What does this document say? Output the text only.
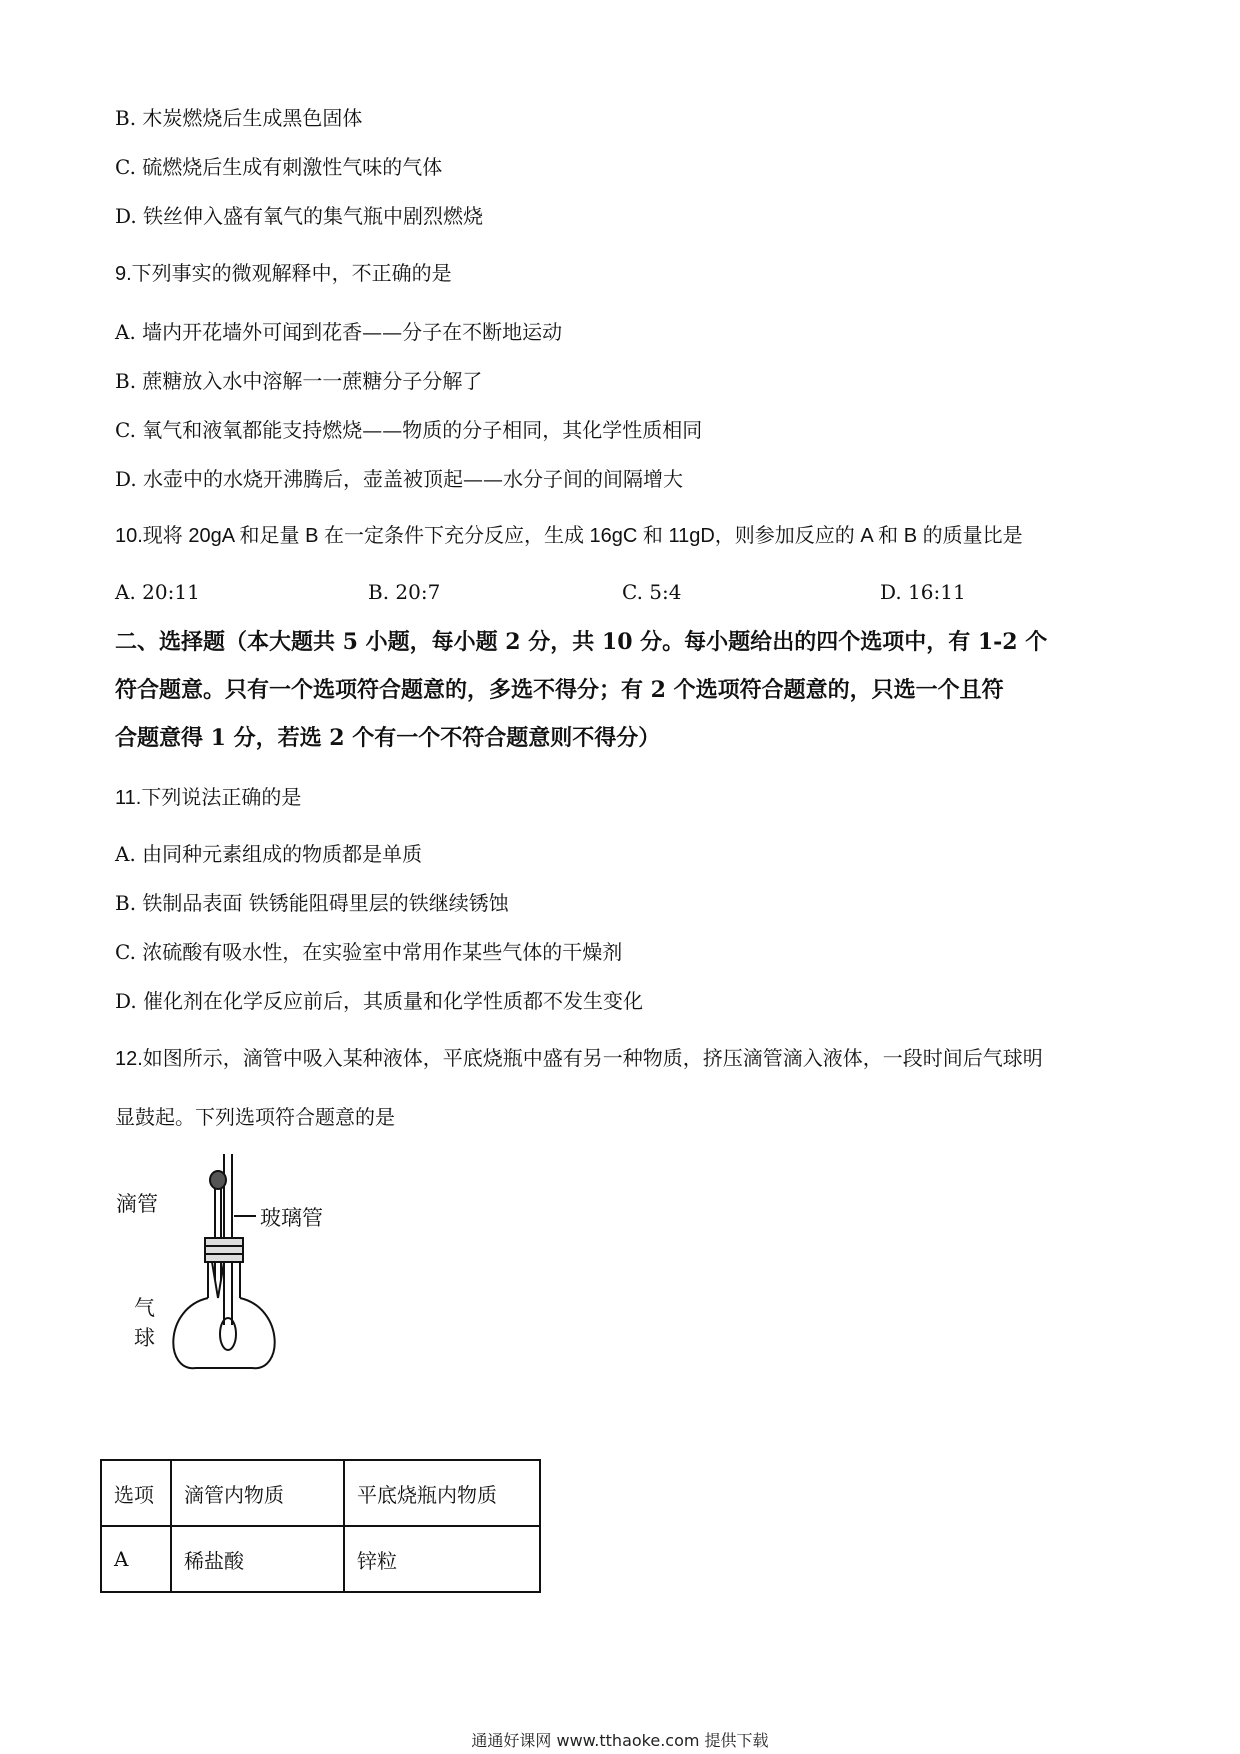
B. 木炭燃烧后生成黑色固体
C. 硫燃烧后生成有刺激性气味的气体
D. 铁丝伸入盛有氧气的集气瓶中剧烈燃烧
9.下列事实的微观解释中，不正确的是
A. 墙内开花墙外可闻到花香——分子在不断地运动
B. 蔗糖放入水中溶解一一蔗糖分子分解了
C. 氧气和液氧都能支持燃烧——物质的分子相同，其化学性质相同
D. 水壶中的水烧开沸腾后，壶盖被顶起——水分子间的间隔增大
10.现将 20gA 和足量 B 在一定条件下充分反应，生成 16gC 和 11gD，则参加反应的 A 和 B 的质量比是
A. 20:11	B. 20:7	C. 5:4	D. 16:11
二、选择题（本大题共 5 小题，每小题 2 分，共 10 分。每小题给出的四个选项中，有 1-2 个
符合题意。只有一个选项符合题意的，多选不得分；有 2 个选项符合题意的，只选一个且符
合题意得 1 分，若选 2 个有一个不符合题意则不得分）
11.下列说法正确的是
A. 由同种元素组成的物质都是单质
B. 铁制品表面 铁锈能阻碍里层的铁继续锈蚀
C. 浓硫酸有吸水性，在实验室中常用作某些气体的干燥剂
D. 催化剂在化学反应前后，其质量和化学性质都不发生变化
12.如图所示，滴管中吸入某种液体，平底烧瓶中盛有另一种物质，挤压滴管滴入液体，一段时间后气球明
显鼓起。下列选项符合题意的是
滴管
玻璃管
气
球
选项	滴管内物质	平底烧瓶内物质
A	稀盐酸	锌粒
通通好课网 www.tthaoke.com 提供下载
